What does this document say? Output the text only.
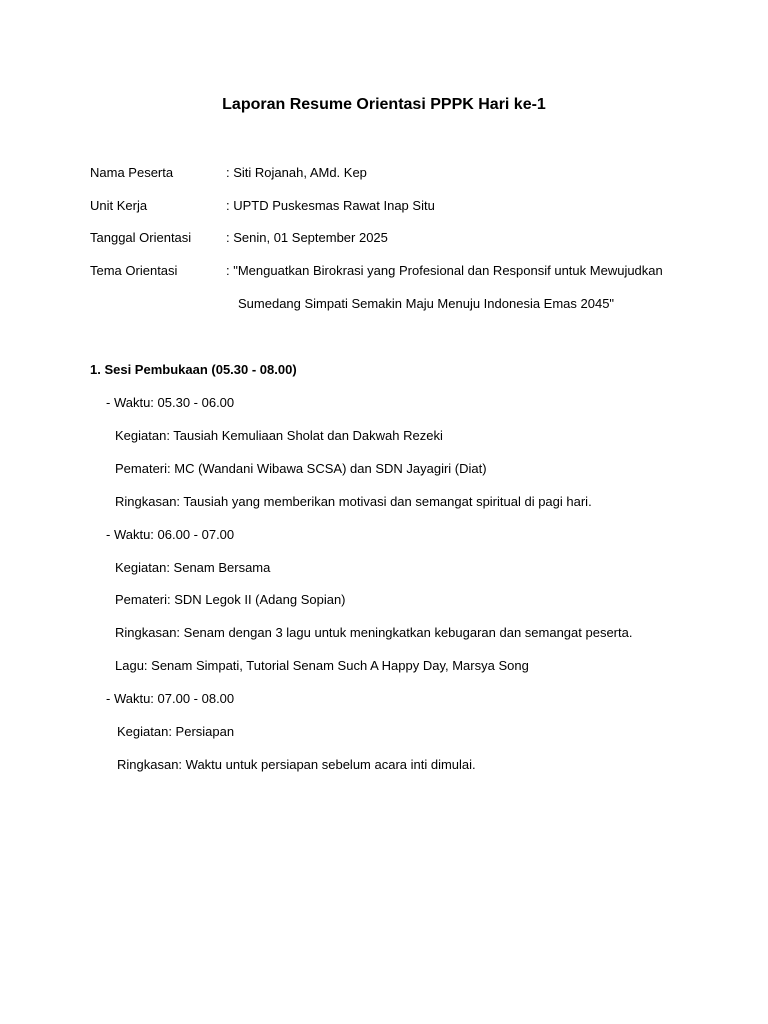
Laporan Resume Orientasi PPPK Hari ke-1
Nama Peserta	: Siti Rojanah, AMd. Kep
Unit Kerja	: UPTD Puskesmas Rawat Inap Situ
Tanggal Orientasi	: Senin, 01 September 2025
Tema Orientasi	: "Menguatkan Birokrasi yang Profesional dan Responsif untuk Mewujudkan
Sumedang Simpati Semakin Maju Menuju Indonesia Emas 2045"
1. Sesi Pembukaan (05.30 - 08.00)
- Waktu: 05.30 - 06.00
Kegiatan: Tausiah Kemuliaan Sholat dan Dakwah Rezeki
Pemateri: MC (Wandani Wibawa SCSA) dan SDN Jayagiri (Diat)
Ringkasan: Tausiah yang memberikan motivasi dan semangat spiritual di pagi hari.
- Waktu: 06.00 - 07.00
Kegiatan: Senam Bersama
Pemateri: SDN Legok II (Adang Sopian)
Ringkasan: Senam dengan 3 lagu untuk meningkatkan kebugaran dan semangat peserta.
Lagu: Senam Simpati, Tutorial Senam Such A Happy Day, Marsya Song
- Waktu: 07.00 - 08.00
Kegiatan: Persiapan
Ringkasan: Waktu untuk persiapan sebelum acara inti dimulai.
